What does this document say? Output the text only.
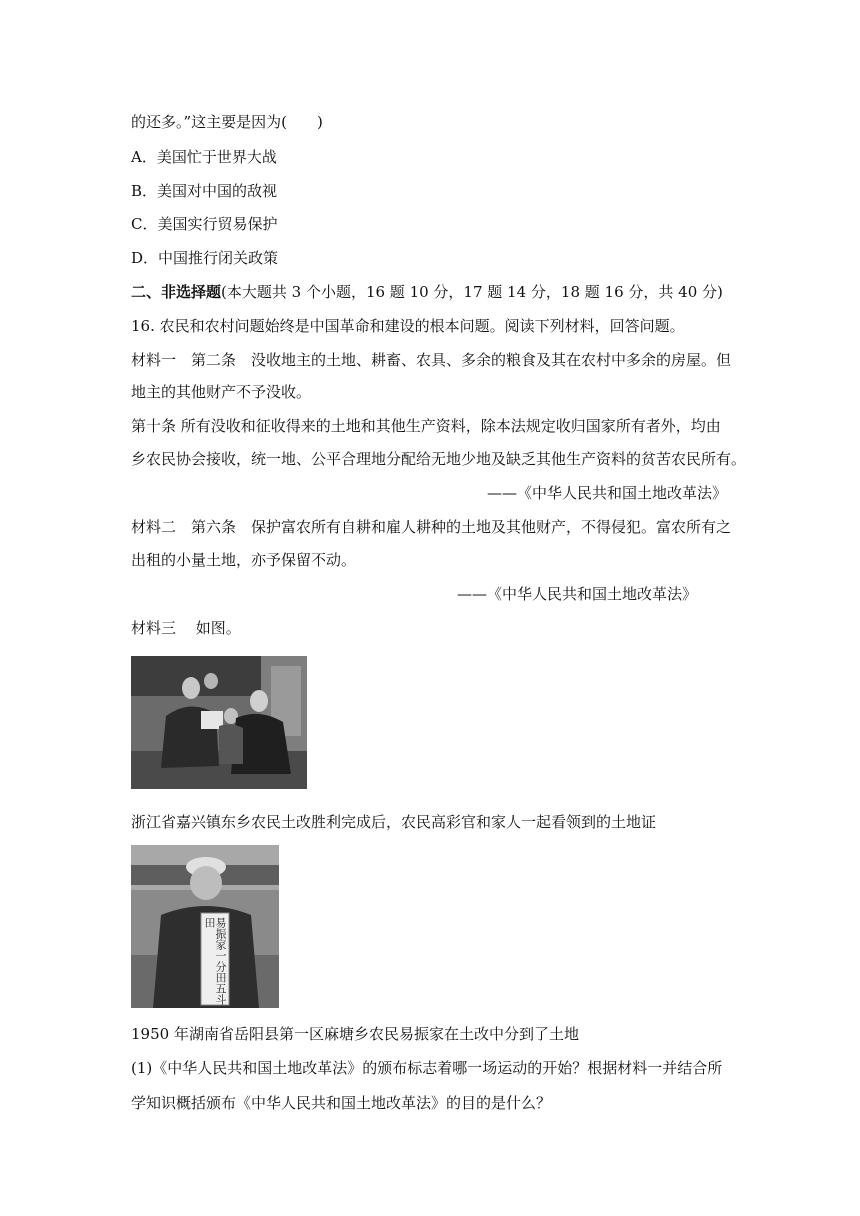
的还多。”这主要是因为(　　)
A．美国忙于世界大战
B．美国对中国的敌视
C．美国实行贸易保护
D．中国推行闭关政策
二、非选择题(本大题共 3 个小题，16 题 10 分，17 题 14 分，18 题 16 分，共 40 分)
16. 农民和农村问题始终是中国革命和建设的根本问题。阅读下列材料，回答问题。
材料一　第二条　没收地主的土地、耕畜、农具、多余的粮食及其在农村中多余的房屋。但
地主的其他财产不予没收。
第十条 所有没收和征收得来的土地和其他生产资料，除本法规定收归国家所有者外，均由
乡农民协会接收，统一地、公平合理地分配给无地少地及缺乏其他生产资料的贫苦农民所有。
——《中华人民共和国土地改革法》
材料二　第六条　保护富农所有自耕和雇人耕种的土地及其他财产，不得侵犯。富农所有之
出租的小量土地，亦予保留不动。
——《中华人民共和国土地改革法》
材料三　 如图。
浙江省嘉兴镇东乡农民土改胜利完成后，农民高彩官和家人一起看领到的土地证
易振家一分田五斗田
1950 年湖南省岳阳县第一区麻塘乡农民易振家在土改中分到了土地
(1)《中华人民共和国土地改革法》的颁布标志着哪一场运动的开始？根据材料一并结合所
学知识概括颁布《中华人民共和国土地改革法》的目的是什么？
